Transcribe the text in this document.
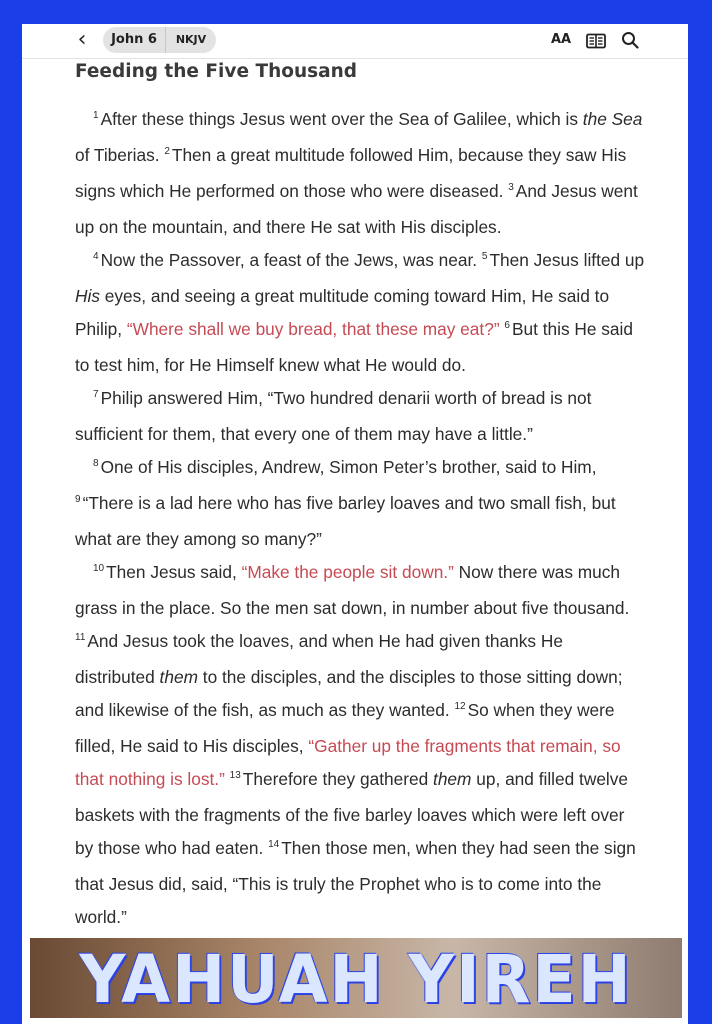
‹	John 6	NKJV	AA
Feeding the Five Thousand

$^1$ After these things Jesus went over the Sea of Galilee, which is the Sea of Tiberias. $^2$ Then a great multitude followed Him, because they saw His signs which He performed on those who were diseased. $^3$ And Jesus went up on the mountain, and there He sat with His disciples.

$^4$ Now the Passover, a feast of the Jews, was near. $^5$ Then Jesus lifted up His eyes, and seeing a great multitude coming toward Him, He said to Philip, “Where shall we buy bread, that these may eat?” $^6$ But this He said to test him, for He Himself knew what He would do.

$^7$ Philip answered Him, “Two hundred denarii worth of bread is not sufficient for them, that every one of them may have a little.”

$^8$ One of His disciples, Andrew, Simon Peter’s brother, said to Him, $^9$ “There is a lad here who has five barley loaves and two small fish, but what are they among so many?”

$^{10}$ Then Jesus said, “Make the people sit down.” Now there was much grass in the place. So the men sat down, in number about five thousand. $^{11}$ And Jesus took the loaves, and when He had given thanks He distributed them to the disciples, and the disciples to those sitting down; and likewise of the fish, as much as they wanted. $^{12}$ So when they were filled, He said to His disciples, “Gather up the fragments that remain, so that nothing is lost.” $^{13}$ Therefore they gathered them up, and filled twelve baskets with the fragments of the five barley loaves which were left over by those who had eaten. $^{14}$ Then those men, when they had seen the sign that Jesus did, said, “This is truly the Prophet who is to come into the world.”

YAHUAH YIREH
